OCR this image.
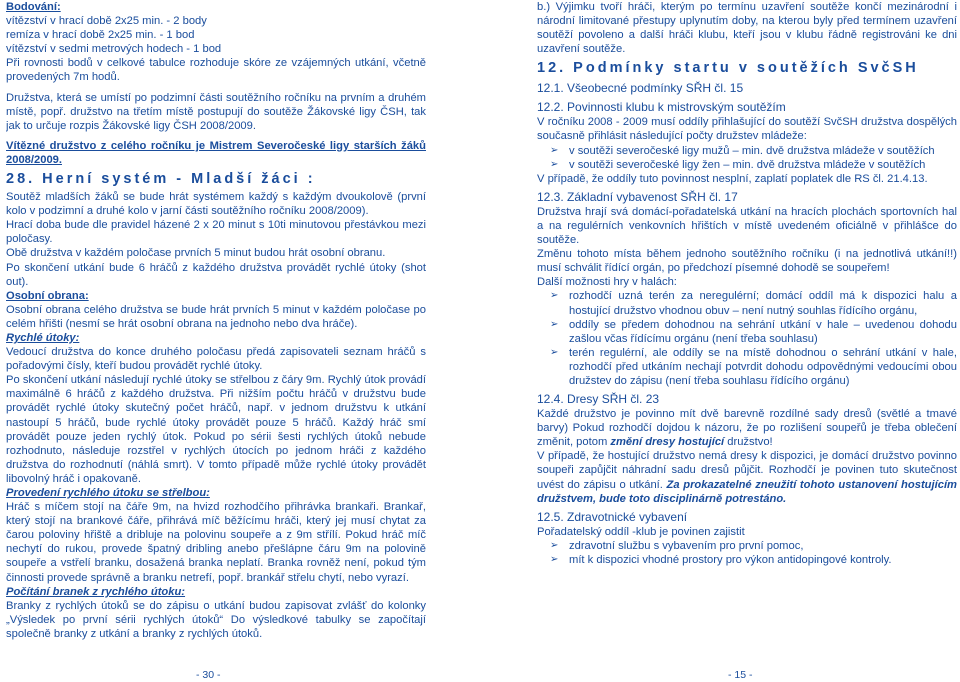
Bodování:

vítězství v hrací době 2x25 min. - 2 body

remíza v hrací době 2x25 min. - 1 bod

vítězství v sedmi metrových hodech - 1 bod

Při rovnosti bodů v celkové tabulce rozhoduje skóre ze vzájemných utkání, včetně provedených 7m hodů.

Družstva, která se umístí po podzimní části soutěžního ročníku na prvním a druhém místě, popř. družstvo na třetím místě postupují do soutěže Žákovské ligy ČSH, tak jak to určuje rozpis Žákovské ligy ČSH 2008/2009.

Vítězné družstvo z celého ročníku je Mistrem Severočeské ligy starších žáků 2008/2009.

28. Herní systém - Mladší žáci :

Soutěž mladších žáků se bude hrát systémem každý s každým dvoukolově (první kolo v podzimní a druhé kolo v jarní části soutěžního ročníku 2008/2009).

Hrací doba bude dle pravidel házené 2 x 20 minut s 10ti minutovou přestávkou mezi poločasy.

Obě družstva v každém poločase prvních 5 minut budou hrát osobní obranu.

Po skončení utkání bude 6 hráčů z každého družstva provádět rychlé útoky (shot out).

Osobní obrana:

Osobní obrana celého družstva se bude hrát prvních 5 minut v každém poločase po celém hřišti (nesmí se hrát osobní obrana na jednoho nebo dva hráče).

Rychlé útoky:

Vedoucí družstva do konce druhého poločasu předá zapisovateli seznam hráčů s pořadovými čísly, kteří budou provádět rychlé útoky.

Po skončení utkání následují rychlé útoky se střelbou z čáry 9m. Rychlý útok provádí maximálně 6 hráčů z každého družstva. Při nižším počtu hráčů v družstvu bude provádět rychlé útoky skutečný počet hráčů, např. v jednom družstvu k utkání nastoupí 5 hráčů, bude rychlé útoky provádět pouze 5 hráčů. Každý hráč smí provádět pouze jeden rychlý útok. Pokud po sérii šesti rychlých útoků nebude rozhodnuto, následuje rozstřel v rychlých útocích po jednom hráči z každého družstva do rozhodnutí (náhlá smrt). V tomto případě může rychlé útoky provádět libovolný hráč i opakovaně.

Provedení rychlého útoku se střelbou:

Hráč s míčem stojí na čáře 9m, na hvizd rozhodčího přihrávka brankaři. Brankař, který stojí na brankové čáře, přihrává míč běžícímu hráči, který jej musí chytat za čarou poloviny hřiště a dribluje na polovinu soupeře a z 9m střílí. Pokud hráč míč nechytí do rukou, provede špatný dribling anebo přešlápne čáru 9m na polovině soupeře a vstřelí branku, dosažená branka neplatí. Branka rovněž není, pokud tým činnosti provede správně a branku netrefí, popř. brankář střelu chytí, nebo vyrazí.

Počítání branek z rychlého útoku:

Branky z rychlých útoků se do zápisu o utkání budou zapisovat zvlášť do kolonky „Výsledek po první sérii rychlých útoků“ Do výsledkové tabulky se započítají společně branky z utkání a branky z rychlých útoků.

b.) Výjimku tvoří hráči, kterým po termínu uzavření soutěže končí mezinárodní i národní limitované přestupy uplynutím doby, na kterou byly před termínem uzavření soutěží povoleno a další hráči klubu, kteří jsou v klubu řádně registrováni ke dni uzavření soutěže.

12. Podmínky startu v soutěžích SvčSH

12.1. Všeobecné podmínky SŘH čl. 15

12.2. Povinnosti klubu k mistrovským soutěžím

V ročníku 2008 - 2009 musí oddíly přihlašující do soutěží SvčSH družstva dospělých současně přihlásit následující počty družstev mládeže:

➢ v soutěži severočeské ligy mužů – min. dvě družstva mládeže v soutěžích
➢ v soutěži severočeské ligy žen – min. dvě družstva mládeže v soutěžích

V případě, že oddíly tuto povinnost nesplní, zaplatí poplatek dle RS čl. 21.4.13.

12.3. Základní vybavenost SŘH čl. 17

Družstva hrají svá domácí-pořadatelská utkání na hracích plochách sportovních hal a na regulérních venkovních hřištích v místě uvedeném oficiálně v přihlášce do soutěže.

Změnu tohoto místa během jednoho soutěžního ročníku (i na jednotlivá utkání!!) musí schválit řídící orgán, po předchozí písemné dohodě se soupeřem!

Další možnosti hry v halách:

➢ rozhodčí uzná terén za neregulérní; domácí oddíl má k dispozici halu a hostující družstvo vhodnou obuv – není nutný souhlas řídícího orgánu,
➢ oddíly se předem dohodnou na sehrání utkání v hale – uvedenou dohodu zašlou včas řídícímu orgánu (není třeba souhlasu)
➢ terén regulérní, ale oddíly se na místě dohodnou o sehrání utkání v hale, rozhodčí před utkáním nechají potvrdit dohodu odpovědnými vedoucími obou družstev do zápisu (není třeba souhlasu řídícího orgánu)

12.4. Dresy SŘH čl. 23

Každé družstvo je povinno mít dvě barevně rozdílné sady dresů (světlé a tmavé barvy) Pokud rozhodčí dojdou k názoru, že po rozlišení soupeřů je třeba oblečení změnit, potom změní dresy hostující družstvo!

V případě, že hostující družstvo nemá dresy k dispozici, je domácí družstvo povinno soupeři zapůjčit náhradní sadu dresů půjčit. Rozhodčí je povinen tuto skutečnost uvést do zápisu o utkání. Za prokazatelné zneužití tohoto ustanovení hostujícím družstvem, bude toto disciplinárně potrestáno.

12.5. Zdravotnické vybavení

Pořadatelský oddíl -klub je povinen zajistit

➢ zdravotní službu s vybavením pro první pomoc,
➢ mít k dispozici vhodné prostory pro výkon antidopingové kontroly.
- 30 -	- 15 -
